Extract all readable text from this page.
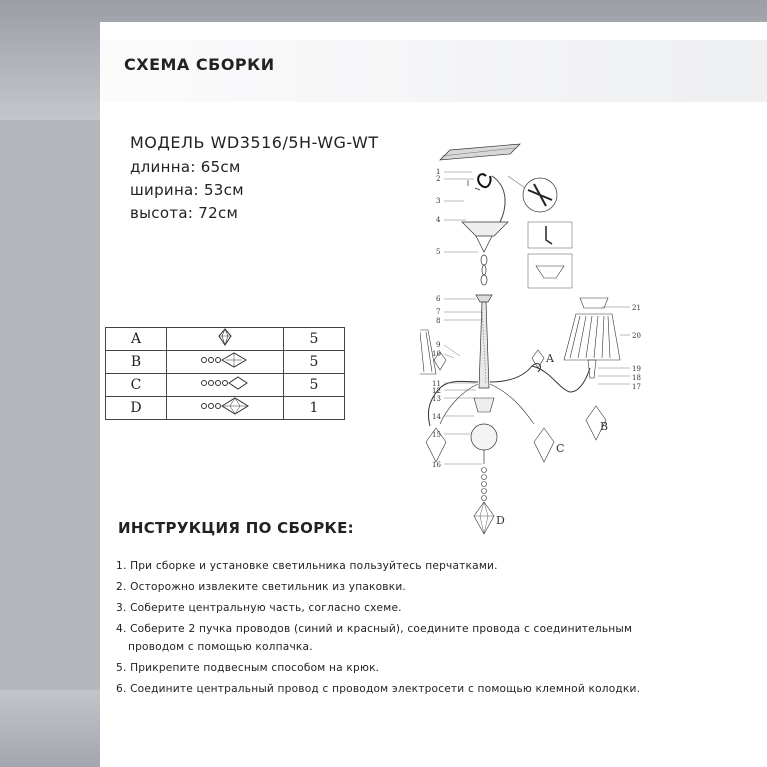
СХЕМА СБОРКИ
МОДЕЛЬ WD3516/5H-WG-WT
длинна: 65см
ширина: 53см
высота: 72см
A		5
B		5
C		5
D		1
1
2
3
4
5
6
7
8
9
10
11
12
13
14
15
16
17
18
19
20
21
A
B
C
D
ИНСТРУКЦИЯ ПО СБОРКЕ:
1. При сборке и установке светильника пользуйтесь перчатками.
2. Осторожно извлеките светильник из упаковки.
3. Соберите центральную часть, согласно схеме.
4. Соберите 2 пучка проводов (синий и красный), соедините провода с соединительным
проводом с помощью колпачка.
5. Прикрепите подвесным способом на крюк.
6. Соедините центральный провод с проводом электросети с помощью клемной колодки.
СЕМЬОГНЕЙ
